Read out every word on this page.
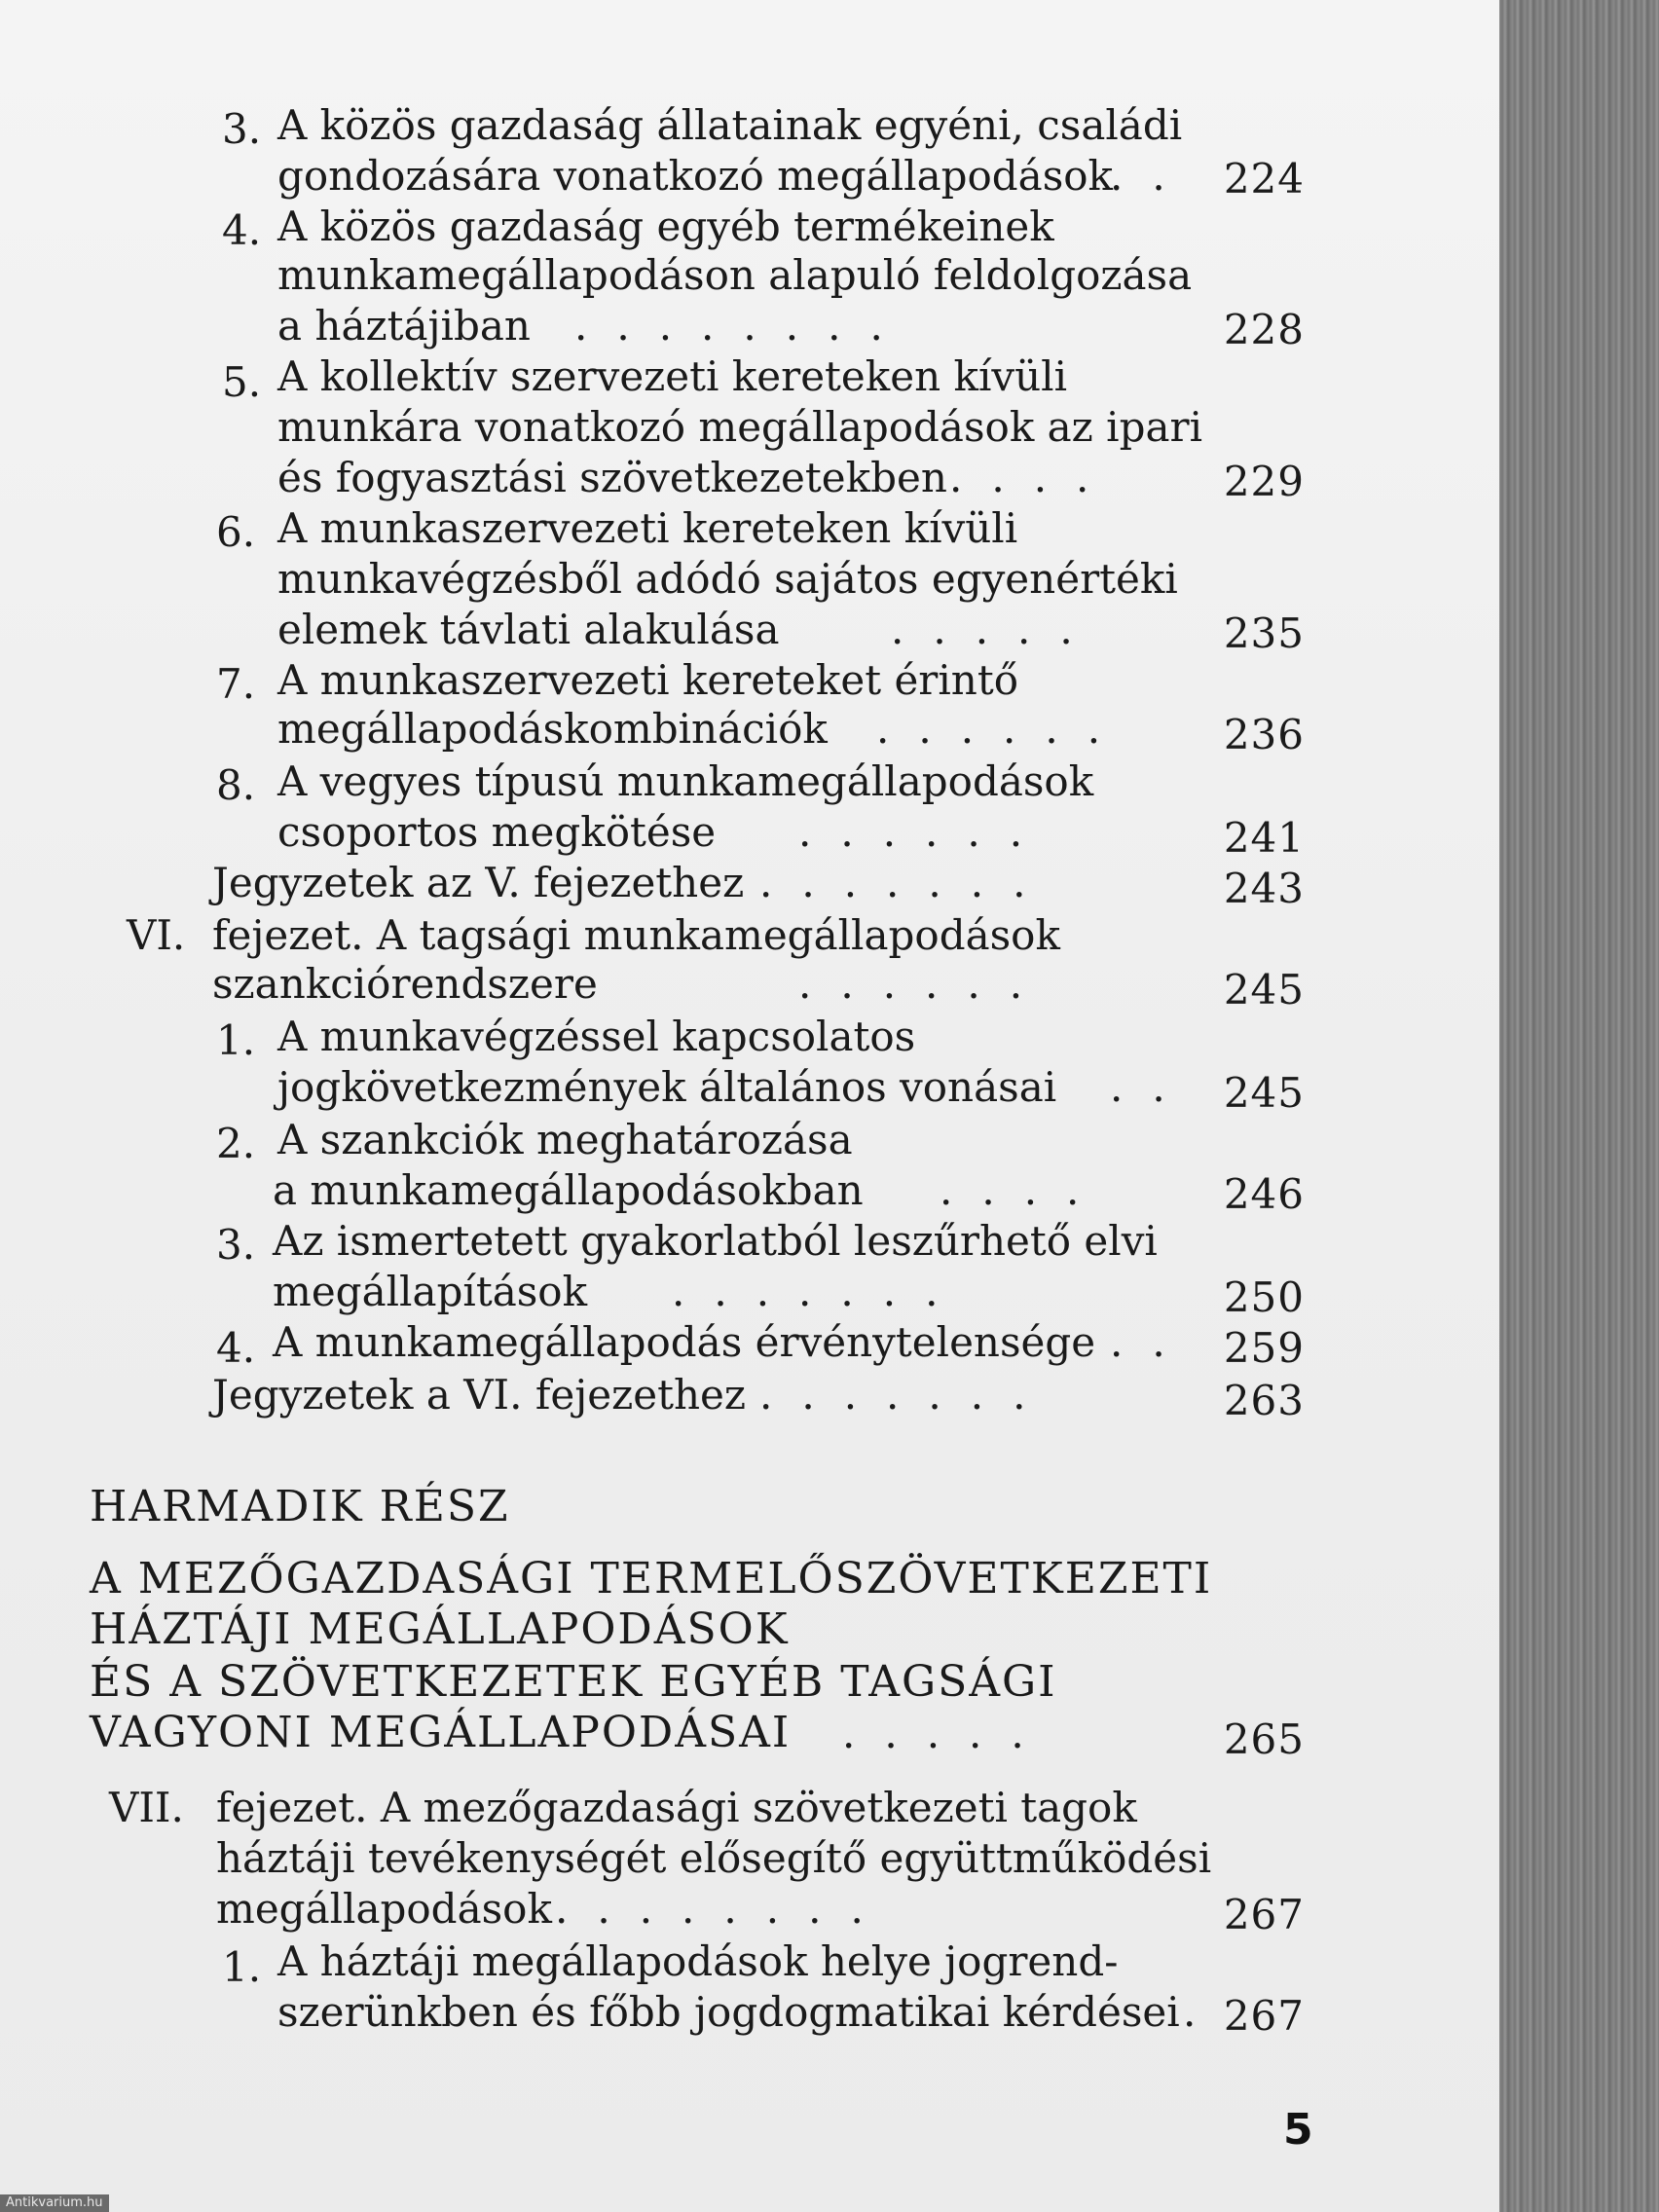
3. A közös gazdaság állatainak egyéni, családi
gondozására vonatkozó megállapodások
.. 224
4. A közös gazdaság egyéb termékeinek
munkamegállapodáson alapuló feldolgozása
a háztájiban ........	228
5. A kollektív szervezeti kereteken kívüli
munkára vonatkozó megállapodások az ipari
és fogyasztási szövetkezetekben ....	229
6. A munkaszervezeti kereteken kívüli
munkavégzésből adódó sajátos egyenértéki
elemek távlati alakulása	.....	235
7. A munkaszervezeti kereteket érintő
megállapodáskombinációk ...... 236
8. A vegyes típusú munkamegállapodások
csoportos megkötése ......	241
Jegyzetek az V. fejezethez .......	243
VI. fejezet. A tagsági munkamegállapodások
szankciórendszere	......	245
1. A munkavégzéssel kapcsolatos
jogkövetkezmények általános vonásai .. 245
2. A szankciók meghatározása
a munkamegállapodásokban ....	246
3. Az ismertetett gyakorlatból leszűrhető elvi
megállapítások .......	250
4. A munkamegállapodás érvénytelensége .. 259
Jegyzetek a VI. fejezethez .......	263
HARMADIK RÉSZ
A MEZŐGAZDASÁGI TERMELŐSZÖVETKEZETI
HÁZTÁJI MEGÁLLAPODÁSOK
ÉS A SZÖVETKEZETEK EGYÉB TAGSÁGI
VAGYONI MEGÁLLAPODÁSAI .....	265
VII. fejezet. A mezőgazdasági szövetkezeti tagok
háztáji tevékenységét elősegítő együttműködési
megállapodások ........	267
1. A háztáji megállapodások helye jogrend-
szerünkben és főbb jogdogmatikai kérdései .
267
5
Antikvarium.hu
